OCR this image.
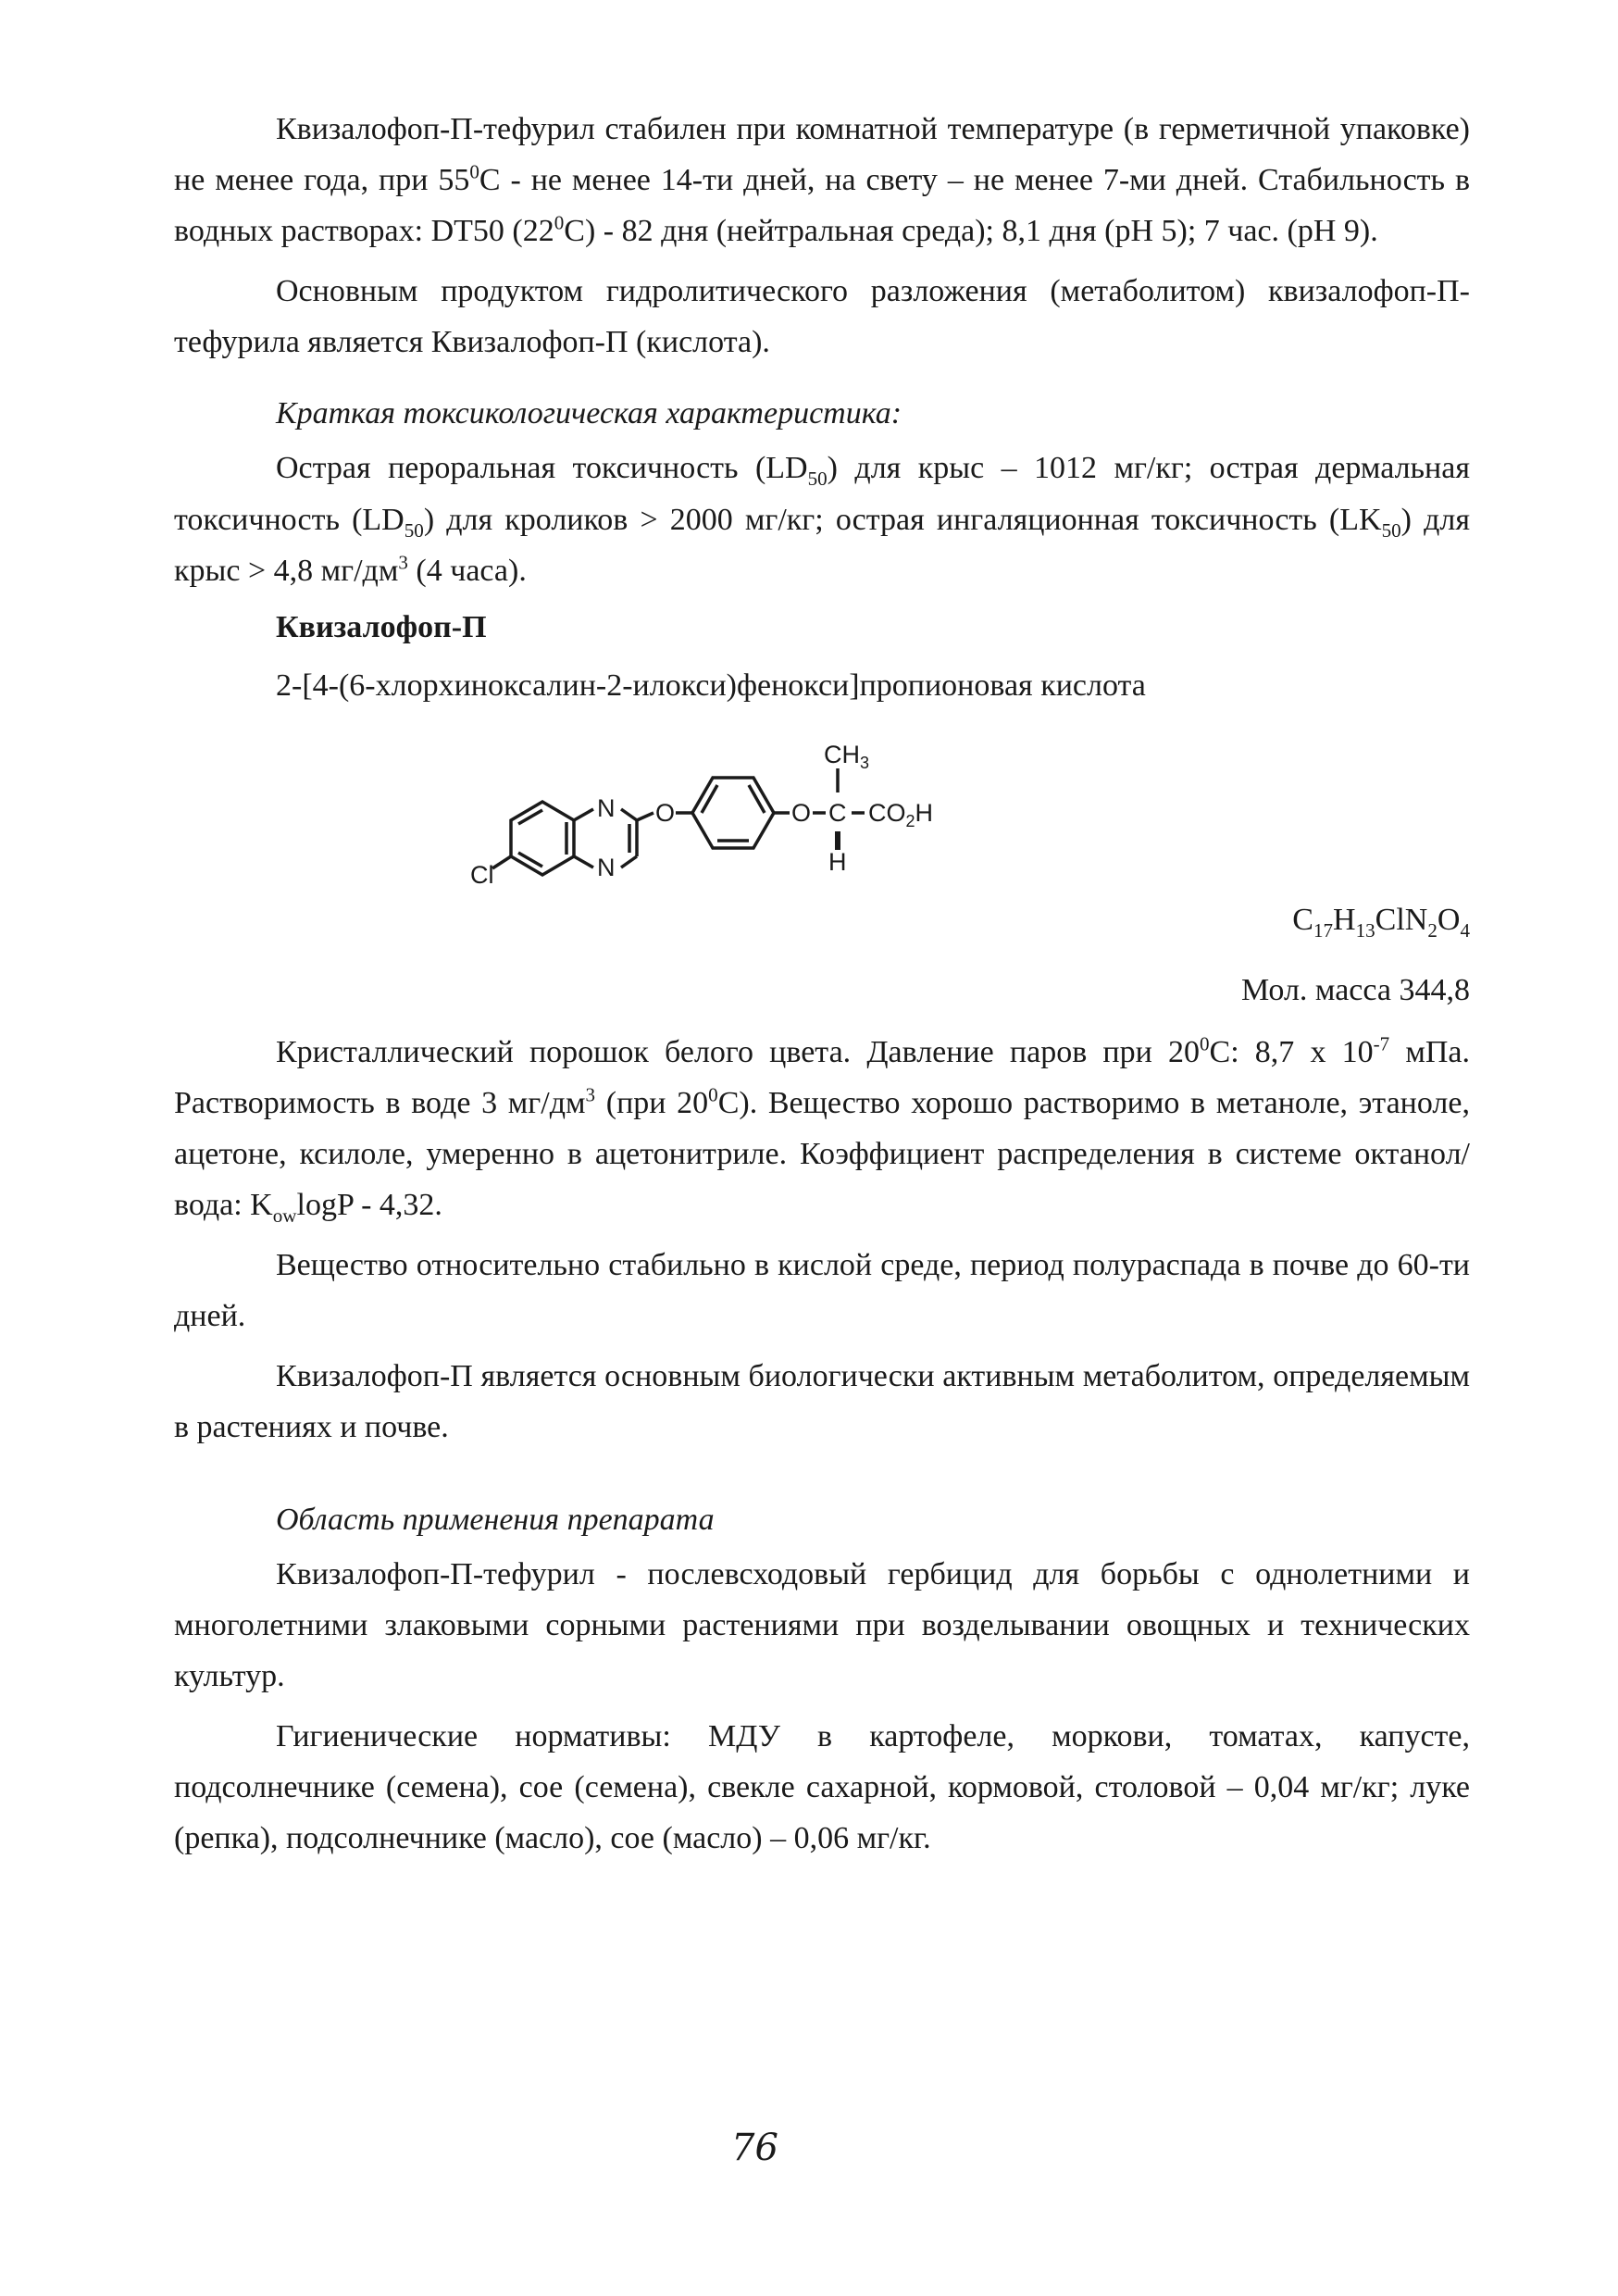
Квизалофоп-П-тефурил стабилен при комнатной температуре (в герметичной упаковке) не менее года, при $55^0С$ - не менее 14-ти дней, на свету – не менее 7-ми дней. Стабильность в водных растворах: DT50 $(22^0С) - 82$ дня (нейтральная среда); 8,1 дня (pH 5); 7 час. (pH 9).

Основным продуктом гидролитического разложения (метаболитом) квизалофоп-П-тефурила является Квизалофоп-П (кислота).

Краткая токсикологическая характеристика:

Острая пероральная токсичность $(LD_{50})$ для крыс – 1012 мг/кг; острая дермальная токсичность $(LD_{50})$ для кроликов > 2000 мг/кг; острая ингаляционная токсичность $(LK_{50})$ для крыс > 4,8 $мг/дм^3$ (4 часа).

Квизалофоп-П

2-[4-(6-хлорхиноксалин-2-илокси)фенокси]пропионовая кислота

Cl
N
N
O	O C
H
$CH_3$
$CO_2H$
$C_{17}H_{13}ClN_2O_4$

Мол. масса 344,8

Кристаллический порошок белого цвета. Давление паров при $20^0С$: 8,7 x $10^{-7}$ мПа. Растворимость в воде 3 $мг/дм^3$ (при $20^0С$). Вещество хорошо растворимо в метаноле, этаноле, ацетоне, ксилоле, умеренно в ацетонитриле. Коэффициент распределения в системе октанол/вода: $K_{ow}\log P - 4,32$.

Вещество относительно стабильно в кислой среде, период полураспада в почве до 60-ти дней.

Квизалофоп-П является основным биологически активным метаболитом, определяемым в растениях и почве.

Область применения препарата

Квизалофоп-П-тефурил - послевсходовый гербицид для борьбы с однолетними и многолетними злаковыми сорными растениями при возделывании овощных и технических культур.

Гигиенические нормативы: МДУ в картофеле, моркови, томатах, капусте, подсолнечнике (семена), сое (семена), свекле сахарной, кормовой, столовой – 0,04 мг/кг; луке (репка), подсолнечнике (масло), сое (масло) – 0,06 мг/кг.

76
